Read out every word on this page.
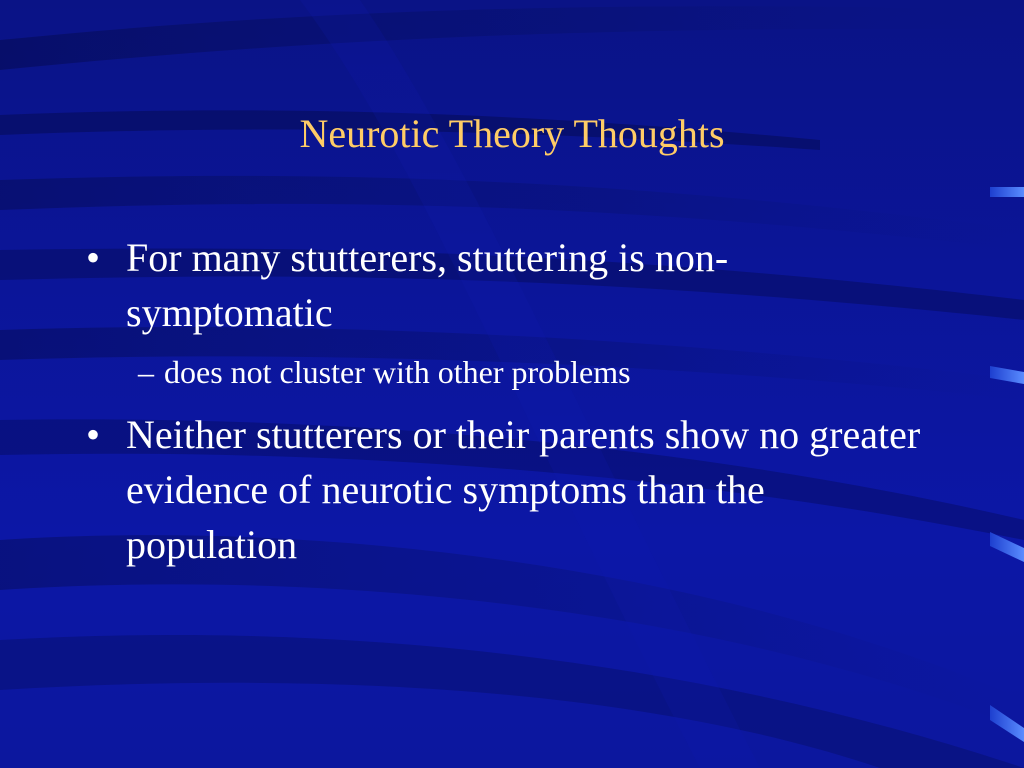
Neurotic Theory Thoughts
• For many stutterers, stuttering is non-symptomatic
– does not cluster with other problems
• Neither stutterers or their parents show no greater evidence of neurotic symptoms than the population
